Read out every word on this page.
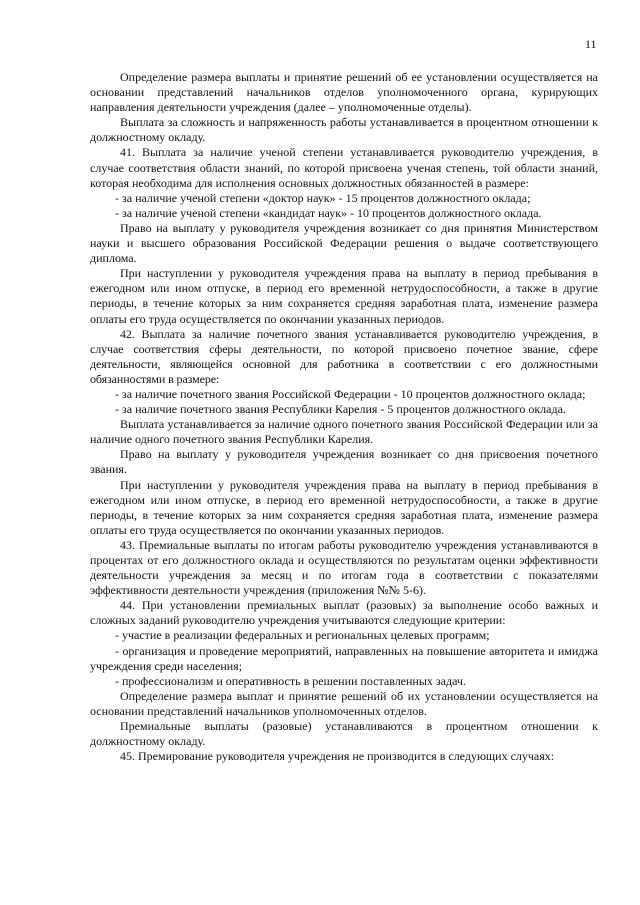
11

Определение размера выплаты и принятие решений об ее установлении осуществляется на основании представлений начальников отделов уполномоченного органа, курирующих направления деятельности учреждения (далее – уполномоченные отделы).

Выплата за сложность и напряженность работы устанавливается в процентном отношении к должностному окладу.

41. Выплата за наличие ученой степени устанавливается руководителю учреждения, в случае соответствия области знаний, по которой присвоена ученая степень, той области знаний, которая необходима для исполнения основных должностных обязанностей в размере:

- за наличие ученой степени «доктор наук» - 15 процентов должностного оклада;

- за наличие ученой степени «кандидат наук» - 10 процентов должностного оклада.

Право на выплату у руководителя учреждения возникает со дня принятия Министерством науки и высшего образования Российской Федерации решения о выдаче соответствующего диплома.

При наступлении у руководителя учреждения права на выплату в период пребывания в ежегодном или ином отпуске, в период его временной нетрудоспособности, а также в другие периоды, в течение которых за ним сохраняется средняя заработная плата, изменение размера оплаты его труда осуществляется по окончании указанных периодов.

42. Выплата за наличие почетного звания устанавливается руководителю учреждения, в случае соответствия сферы деятельности, по которой присвоено почетное звание, сфере деятельности, являющейся основной для работника в соответствии с его должностными обязанностями в размере:

- за наличие почетного звания Российской Федерации - 10 процентов должностного оклада;

- за наличие почетного звания Республики Карелия - 5 процентов должностного оклада.

Выплата устанавливается за наличие одного почетного звания Российской Федерации или за наличие одного почетного звания Республики Карелия.

Право на выплату у руководителя учреждения возникает со дня присвоения почетного звания.

При наступлении у руководителя учреждения права на выплату в период пребывания в ежегодном или ином отпуске, в период его временной нетрудоспособности, а также в другие периоды, в течение которых за ним сохраняется средняя заработная плата, изменение размера оплаты его труда осуществляется по окончании указанных периодов.

43. Премиальные выплаты по итогам работы руководителю учреждения устанавливаются в процентах от его должностного оклада и осуществляются по результатам оценки эффективности деятельности учреждения за месяц и по итогам года в соответствии с показателями эффективности деятельности учреждения (приложения №№ 5-6).

44. При установлении премиальных выплат (разовых) за выполнение особо важных и сложных заданий руководителю учреждения учитываются следующие критерии:

- участие в реализации федеральных и региональных целевых программ;

- организация и проведение мероприятий, направленных на повышение авторитета и имиджа учреждения среди населения;

- профессионализм и оперативность в решении поставленных задач.

Определение размера выплат и принятие решений об их установлении осуществляется на основании представлений начальников уполномоченных отделов.

Премиальные выплаты (разовые) устанавливаются в процентном отношении к должностному окладу.

45. Премирование руководителя учреждения не производится в следующих случаях:
